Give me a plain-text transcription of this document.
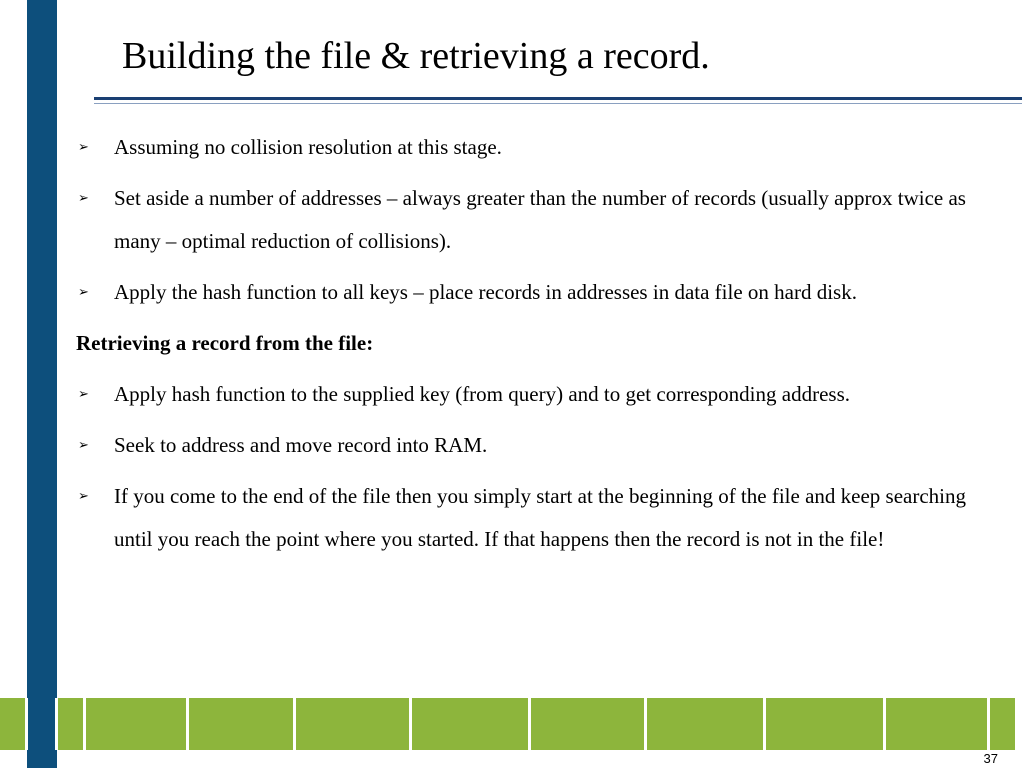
Building the file & retrieving a record.
➢ Assuming no collision resolution at this stage.
➢ Set aside a number of addresses – always greater than the number of records (usually approx twice as many – optimal reduction of collisions).
➢ Apply the hash function to all keys – place records in addresses in data file on hard disk.
Retrieving a record from the file:
➢ Apply hash function to the supplied key (from query) and to get corresponding address.
➢ Seek to address and move record into RAM.
➢ If you come to the end of the file then you simply start at the beginning of the file and keep searching until you reach the point where you started. If that happens then the record is not in the file!
37
